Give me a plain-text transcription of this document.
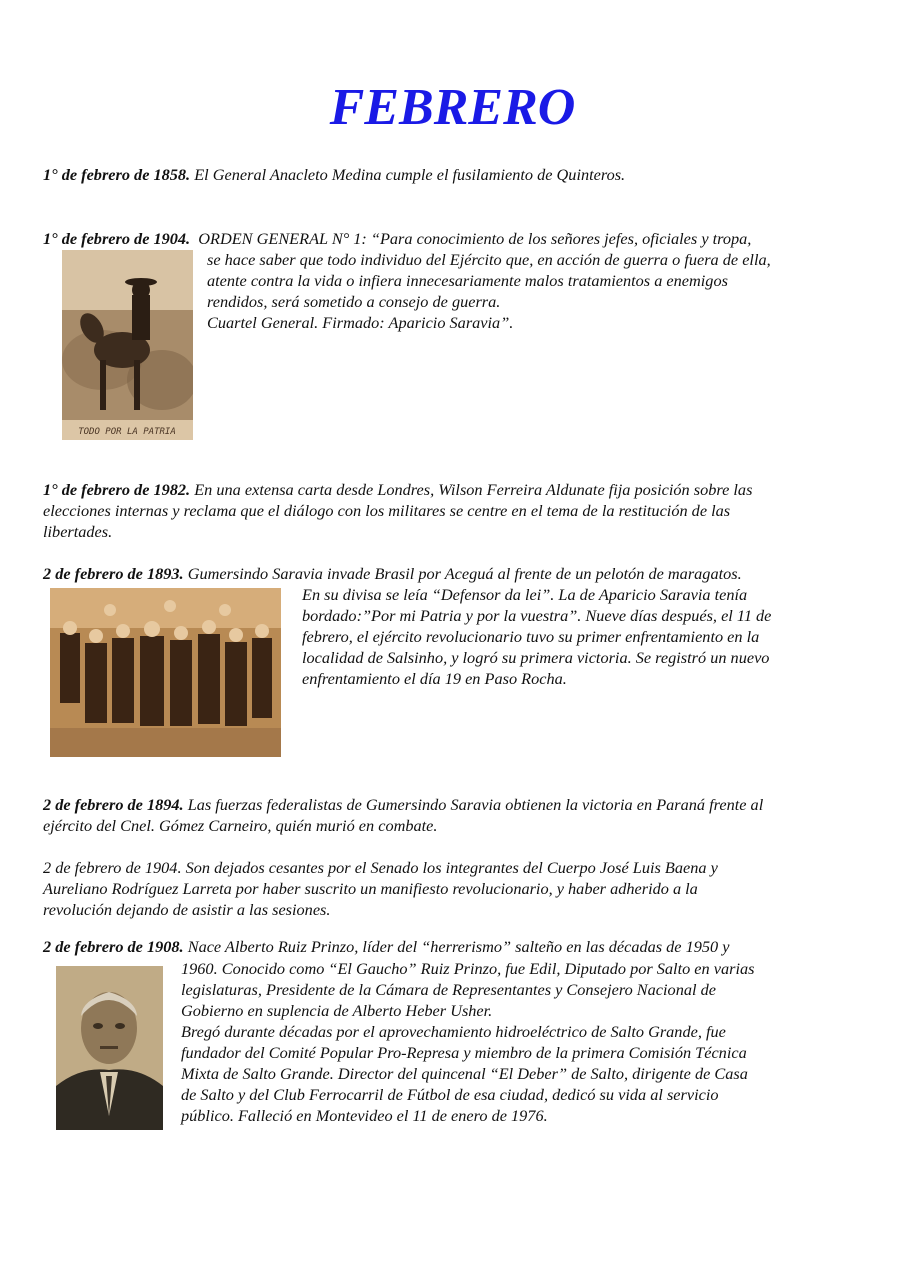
FEBRERO
1° de febrero de 1858. El General Anacleto Medina cumple el fusilamiento de Quinteros.
1° de febrero de 1904. ORDEN GENERAL N° 1: “Para conocimiento de los señores jefes, oficiales y tropa,
se hace saber que todo individuo del Ejército que, en acción de guerra o fuera de ella,
atente contra la vida o infiera innecesariamente malos tratamientos a enemigos
rendidos, será sometido a consejo de guerra.
Cuartel General. Firmado: Aparicio Saravia”.
TODO POR LA PATRIA
1° de febrero de 1982. En una extensa carta desde Londres, Wilson Ferreira Aldunate fija posición sobre las
elecciones internas y reclama que el diálogo con los militares se centre en el tema de la restitución de las
libertades.
2 de febrero de 1893. Gumersindo Saravia invade Brasil por Aceguá al frente de un pelotón de maragatos.
En su divisa se leía “Defensor da lei”. La de Aparicio Saravia tenía
bordado:”Por mi Patria y por la vuestra”. Nueve días después, el 11 de
febrero, el ejército revolucionario tuvo su primer enfrentamiento en la
localidad de Salsinho, y logró su primera victoria. Se registró un nuevo
enfrentamiento el día 19 en Paso Rocha.
2 de febrero de 1894. Las fuerzas federalistas de Gumersindo Saravia obtienen la victoria en Paraná frente al
ejército del Cnel. Gómez Carneiro, quién murió en combate.
2 de febrero de 1904. Son dejados cesantes por el Senado los integrantes del Cuerpo José Luis Baena y
Aureliano Rodríguez Larreta por haber suscrito un manifiesto revolucionario, y haber adherido a la
revolución dejando de asistir a las sesiones.
2 de febrero de 1908. Nace Alberto Ruiz Prinzo, líder del “herrerismo” salteño en las décadas de 1950 y
1960. Conocido como “El Gaucho” Ruiz Prinzo, fue Edil, Diputado por Salto en varias
legislaturas, Presidente de la Cámara de Representantes y Consejero Nacional de
Gobierno en suplencia de Alberto Heber Usher.
Bregó durante décadas por el aprovechamiento hidroeléctrico de Salto Grande, fue
fundador del Comité Popular Pro-Represa y miembro de la primera Comisión Técnica
Mixta de Salto Grande. Director del quincenal “El Deber” de Salto, dirigente de Casa
de Salto y del Club Ferrocarril de Fútbol de esa ciudad, dedicó su vida al servicio
público. Falleció en Montevideo el 11 de enero de 1976.
